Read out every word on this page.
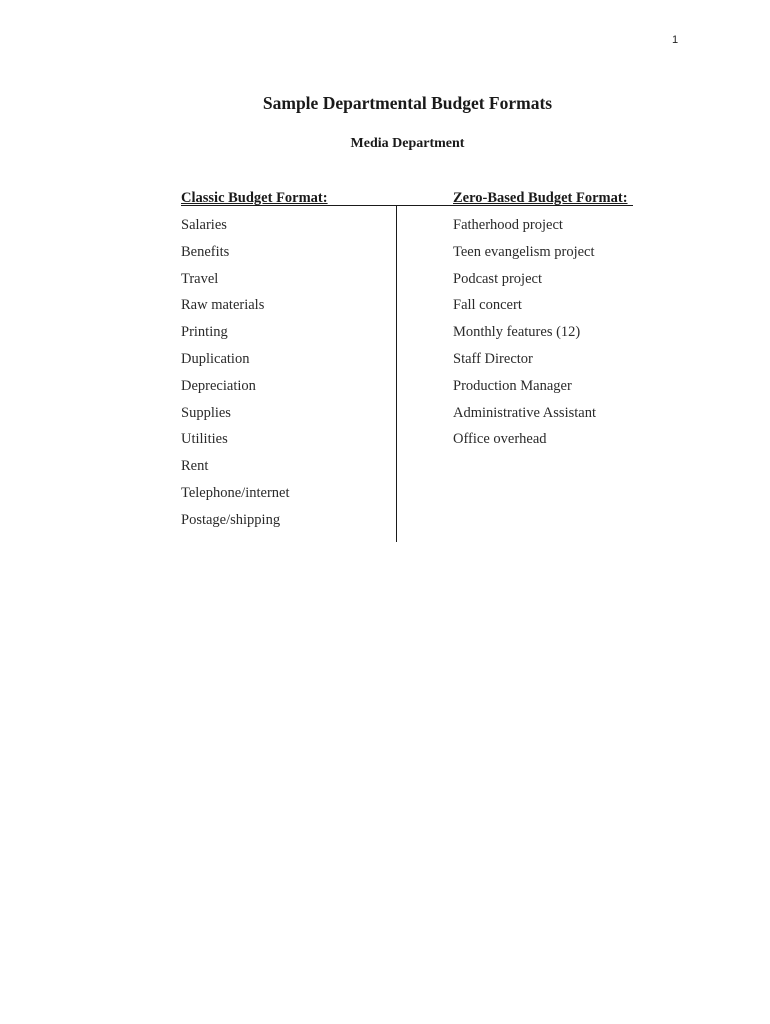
1
Sample Departmental Budget Formats
Media Department
Classic Budget Format:
Salaries
Benefits
Travel
Raw materials
Printing
Duplication
Depreciation
Supplies
Utilities
Rent
Telephone/internet
Postage/shipping
Zero-Based Budget Format:
Fatherhood project
Teen evangelism project
Podcast project
Fall concert
Monthly features (12)
Staff Director
Production Manager
Administrative Assistant
Office overhead
